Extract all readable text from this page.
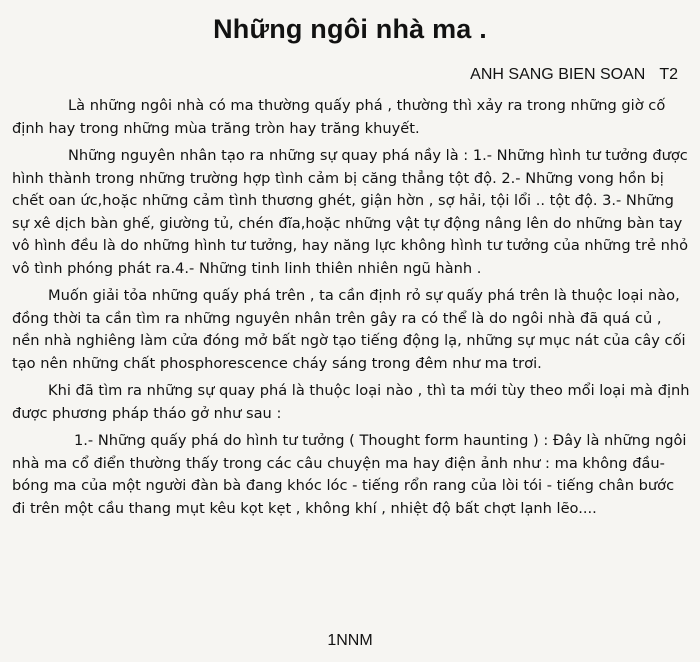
Những ngôi nhà ma .
ANH SANG BIEN SOAN T2

Là những ngôi nhà có ma thường quấy phá , thường thì xảy ra trong những giờ cố định hay trong những mùa trăng tròn hay trăng khuyết.

Những nguyên nhân tạo ra những sự quay phá nầy là : 1.- Những hình tư tưởng được hình thành trong những trường hợp tình cảm bị căng thẳng tột độ. 2.- Những vong hồn bị chết oan ức,hoặc những cảm tình thương ghét, giận hờn , sợ hải, tội lổi .. tột độ. 3.- Những sự xê dịch bàn ghế, giường tủ, chén đĩa,hoặc những vật tự động nâng lên do những bàn tay vô hình đều là do những hình tư tưởng, hay năng lực không hình tư tưởng của những trẻ nhỏ vô tình phóng phát ra.4.- Những tinh linh thiên nhiên ngũ hành .

Muốn giải tỏa những quấy phá trên , ta cần định rỏ sự quấy phá trên là thuộc loại nào, đồng thời ta cần tìm ra những nguyên nhân trên gây ra có thể là do ngôi nhà đã quá củ , nền nhà nghiêng làm cửa đóng mở bất ngờ tạo tiếng động lạ, những sự mục nát của cây cối tạo nên những chất phosphorescence cháy sáng trong đêm như ma trơi.

Khi đã tìm ra những sự quay phá là thuộc loại nào , thì ta mới tùy theo mổi loại mà định được phương pháp tháo gở như sau :

1.- Những quấy phá do hình tư tưởng ( Thought form haunting ) : Đây là những ngôi nhà ma cổ điển thường thấy trong các câu chuyện ma hay điện ảnh như : ma không đầu- bóng ma của một người đàn bà đang khóc lóc - tiếng rổn rang của lòi tói - tiếng chân bước đi trên một cầu thang mụt kêu kọt kẹt , không khí , nhiệt độ bất chợt lạnh lẽo....

1NNM
